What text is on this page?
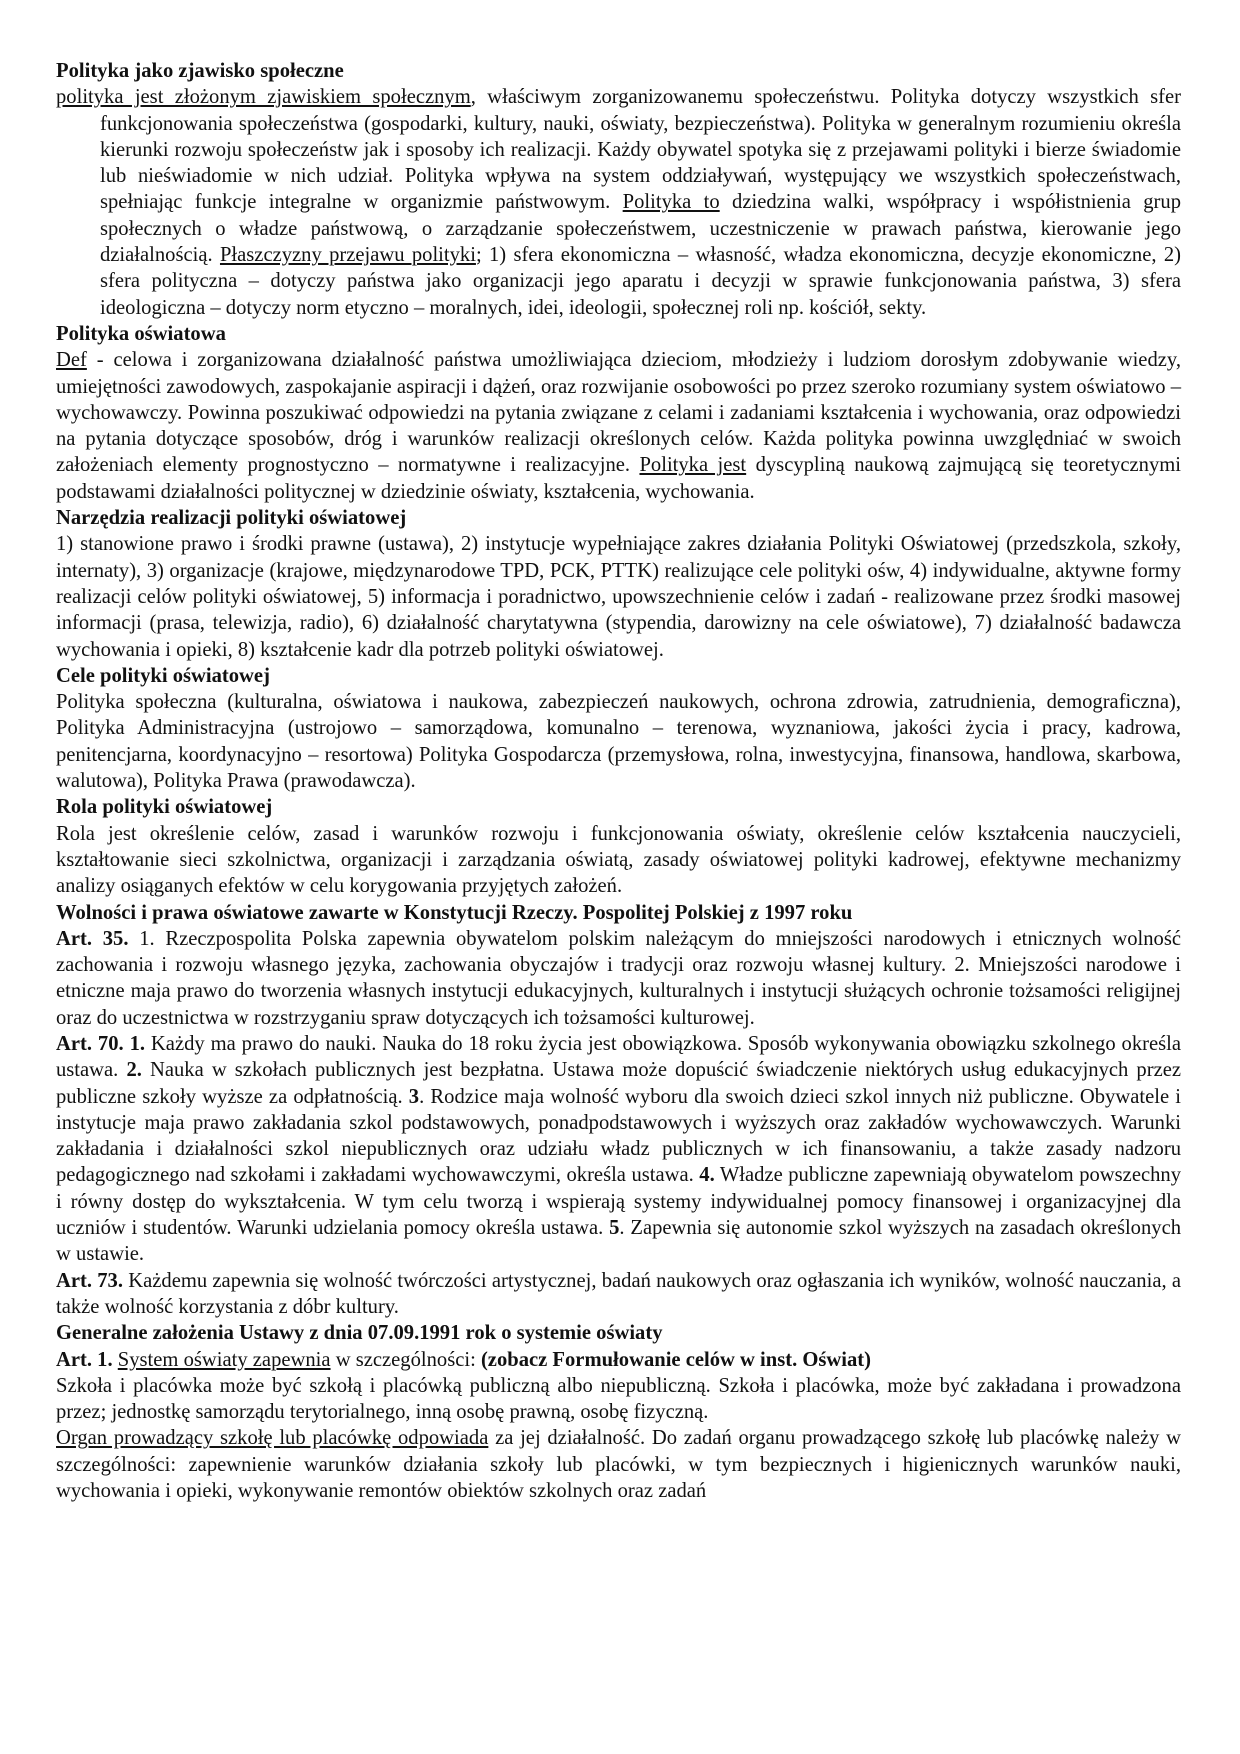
Polityka jako zjawisko społeczne

polityka jest złożonym zjawiskiem społecznym, właściwym zorganizowanemu społeczeństwu. Polityka dotyczy wszystkich sfer funkcjonowania społeczeństwa (gospodarki, kultury, nauki, oświaty, bezpieczeństwa). Polityka w generalnym rozumieniu określa kierunki rozwoju społeczeństw jak i sposoby ich realizacji. Każdy obywatel spotyka się z przejawami polityki i bierze świadomie lub nieświadomie w nich udział. Polityka wpływa na system oddziaływań, występujący we wszystkich społeczeństwach, spełniając funkcje integralne w organizmie państwowym. Polityka to dziedzina walki, współpracy i współistnienia grup społecznych o władze państwową, o zarządzanie społeczeństwem, uczestniczenie w prawach państwa, kierowanie jego działalnością. Płaszczyzny przejawu polityki; 1) sfera ekonomiczna – własność, władza ekonomiczna, decyzje ekonomiczne, 2) sfera polityczna – dotyczy państwa jako organizacji jego aparatu i decyzji w sprawie funkcjonowania państwa, 3) sfera ideologiczna – dotyczy norm etyczno – moralnych, idei, ideologii, społecznej roli np. kościół, sekty.

Polityka oświatowa

Def - celowa i zorganizowana działalność państwa umożliwiająca dzieciom, młodzieży i ludziom dorosłym zdobywanie wiedzy, umiejętności zawodowych, zaspokajanie aspiracji i dążeń, oraz rozwijanie osobowości po przez szeroko rozumiany system oświatowo – wychowawczy. Powinna poszukiwać odpowiedzi na pytania związane z celami i zadaniami kształcenia i wychowania, oraz odpowiedzi na pytania dotyczące sposobów, dróg i warunków realizacji określonych celów. Każda polityka powinna uwzględniać w swoich założeniach elementy prognostyczno – normatywne i realizacyjne. Polityka jest dyscypliną naukową zajmującą się teoretycznymi podstawami działalności politycznej w dziedzinie oświaty, kształcenia, wychowania.

Narzędzia realizacji polityki oświatowej

1) stanowione prawo i środki prawne (ustawa), 2) instytucje wypełniające zakres działania Polityki Oświatowej (przedszkola, szkoły, internaty), 3) organizacje (krajowe, międzynarodowe TPD, PCK, PTTK) realizujące cele polityki ośw, 4) indywidualne, aktywne formy realizacji celów polityki oświatowej, 5) informacja i poradnictwo, upowszechnienie celów i zadań - realizowane przez środki masowej informacji (prasa, telewizja, radio), 6) działalność charytatywna (stypendia, darowizny na cele oświatowe), 7) działalność badawcza wychowania i opieki, 8) kształcenie kadr dla potrzeb polityki oświatowej.

Cele polityki oświatowej

Polityka społeczna (kulturalna, oświatowa i naukowa, zabezpieczeń naukowych, ochrona zdrowia, zatrudnienia, demograficzna), Polityka Administracyjna (ustrojowo – samorządowa, komunalno – terenowa, wyznaniowa, jakości życia i pracy, kadrowa, penitencjarna, koordynacyjno – resortowa) Polityka Gospodarcza (przemysłowa, rolna, inwestycyjna, finansowa, handlowa, skarbowa, walutowa), Polityka Prawa (prawodawcza).

Rola polityki oświatowej

Rola jest określenie celów, zasad i warunków rozwoju i funkcjonowania oświaty, określenie celów kształcenia nauczycieli, kształtowanie sieci szkolnictwa, organizacji i zarządzania oświatą, zasady oświatowej polityki kadrowej, efektywne mechanizmy analizy osiąganych efektów w celu korygowania przyjętych założeń.

Wolności i prawa oświatowe zawarte w Konstytucji Rzeczy. Pospolitej Polskiej z 1997 roku

Art. 35. 1. Rzeczpospolita Polska zapewnia obywatelom polskim należącym do mniejszości narodowych i etnicznych wolność zachowania i rozwoju własnego języka, zachowania obyczajów i tradycji oraz rozwoju własnej kultury. 2. Mniejszości narodowe i etniczne maja prawo do tworzenia własnych instytucji edukacyjnych, kulturalnych i instytucji służących ochronie tożsamości religijnej oraz do uczestnictwa w rozstrzyganiu spraw dotyczących ich tożsamości kulturowej.

Art. 70. 1. Każdy ma prawo do nauki. Nauka do 18 roku życia jest obowiązkowa. Sposób wykonywania obowiązku szkolnego określa ustawa. 2. Nauka w szkołach publicznych jest bezpłatna. Ustawa może dopuścić świadczenie niektórych usług edukacyjnych przez publiczne szkoły wyższe za odpłatnością. 3. Rodzice maja wolność wyboru dla swoich dzieci szkol innych niż publiczne. Obywatele i instytucje maja prawo zakładania szkol podstawowych, ponadpodstawowych i wyższych oraz zakładów wychowawczych. Warunki zakładania i działalności szkol niepublicznych oraz udziału władz publicznych w ich finansowaniu, a także zasady nadzoru pedagogicznego nad szkołami i zakładami wychowawczymi, określa ustawa. 4. Władze publiczne zapewniają obywatelom powszechny i równy dostęp do wykształcenia. W tym celu tworzą i wspierają systemy indywidualnej pomocy finansowej i organizacyjnej dla uczniów i studentów. Warunki udzielania pomocy określa ustawa. 5. Zapewnia się autonomie szkol wyższych na zasadach określonych w ustawie.

Art. 73. Każdemu zapewnia się wolność twórczości artystycznej, badań naukowych oraz ogłaszania ich wyników, wolność nauczania, a także wolność korzystania z dóbr kultury.

Generalne założenia Ustawy z dnia 07.09.1991 rok o systemie oświaty

Art. 1. System oświaty zapewnia w szczególności: (zobacz Formułowanie celów w inst. Oświat)

Szkoła i placówka może być szkołą i placówką publiczną albo niepubliczną. Szkoła i placówka, może być zakładana i prowadzona przez; jednostkę samorządu terytorialnego, inną osobę prawną, osobę fizyczną.

Organ prowadzący szkołę lub placówkę odpowiada za jej działalność. Do zadań organu prowadzącego szkołę lub placówkę należy w szczególności: zapewnienie warunków działania szkoły lub placówki, w tym bezpiecznych i higienicznych warunków nauki, wychowania i opieki, wykonywanie remontów obiektów szkolnych oraz zadań
